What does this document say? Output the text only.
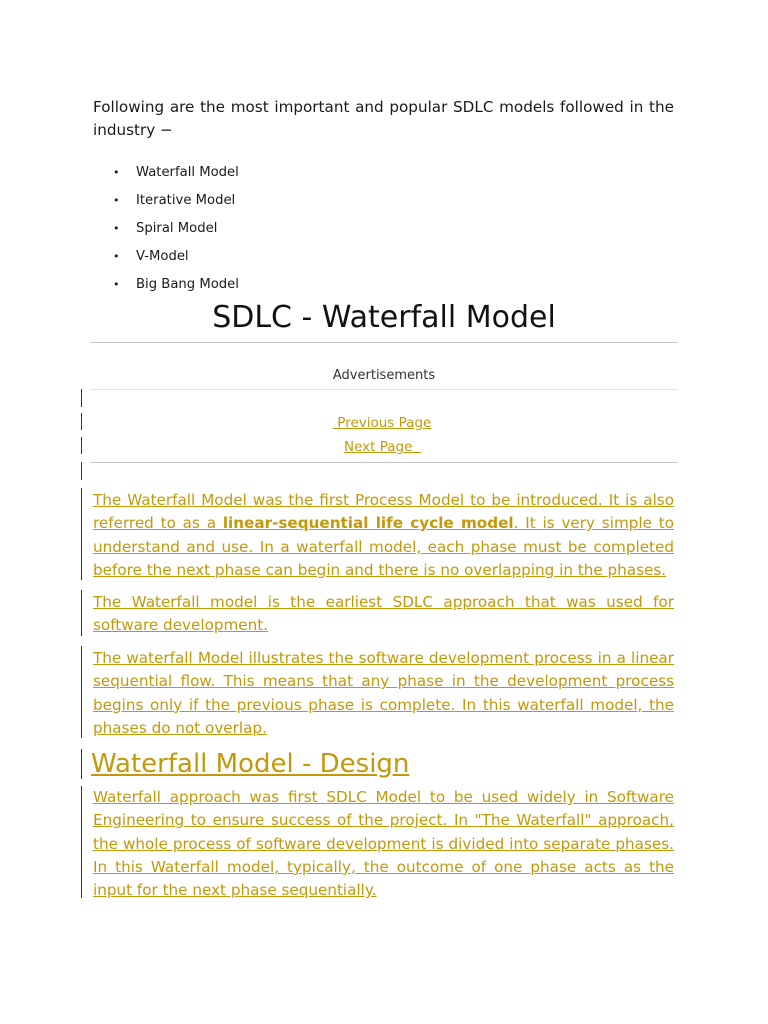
Following are the most important and popular SDLC models followed in the industry −

• Waterfall Model
• Iterative Model
• Spiral Model
• V-Model
• Big Bang Model
SDLC - Waterfall Model
Advertisements
Previous Page
Next Page

The Waterfall Model was the first Process Model to be introduced. It is also referred to as a linear-sequential life cycle model. It is very simple to understand and use. In a waterfall model, each phase must be completed before the next phase can begin and there is no overlapping in the phases.

The Waterfall model is the earliest SDLC approach that was used for software development.

The waterfall Model illustrates the software development process in a linear sequential flow. This means that any phase in the development process begins only if the previous phase is complete. In this waterfall model, the phases do not overlap.

Waterfall Model - Design

Waterfall approach was first SDLC Model to be used widely in Software Engineering to ensure success of the project. In "The Waterfall" approach, the whole process of software development is divided into separate phases. In this Waterfall model, typically, the outcome of one phase acts as the input for the next phase sequentially.
